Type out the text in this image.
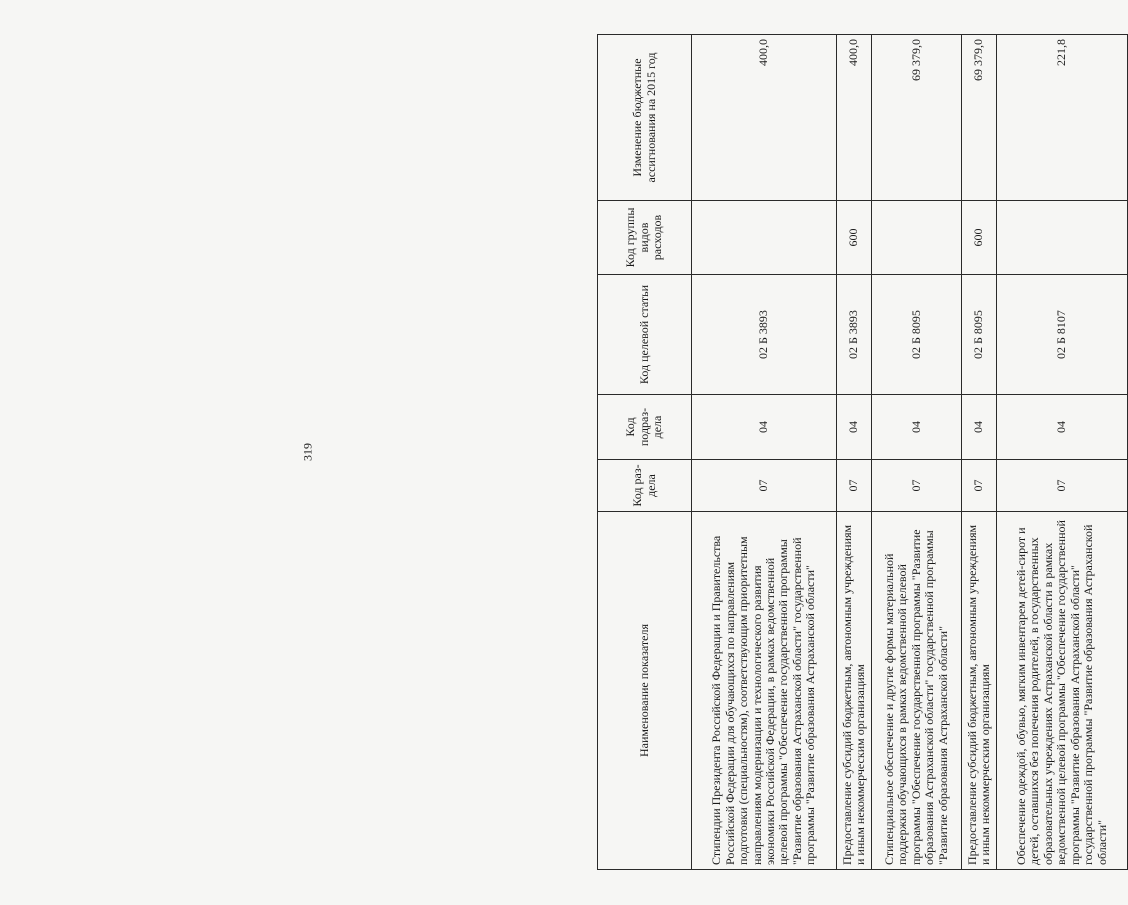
319
Наименование показателя	Код раз-дела	Код подраз-дела	Код целевой статьи	Код группы видов расходов	Изменение бюджетные ассигнования на 2015 год
Стипендии Президента Российской Федерации и Правительства Российской Федерации для обучающихся по направлениям подготовки (специальностям), соответствующим приоритетным направлениям модернизации и технологического развития экономики Российской Федерации, в рамках ведомственной целевой программы "Обеспечение государственной программы "Развитие образования Астраханской области" государственной программы "Развитие образования Астраханской области"	07	04	02 Б 3893		400,0
Предоставление субсидий бюджетным, автономным учреждениям и иным некоммерческим организациям	07	04	02 Б 3893	600	400,0
Стипендиальное обеспечение и другие формы материальной поддержки обучающихся в рамках ведомственной целевой программы "Обеспечение государственной программы "Развитие образования Астраханской области" государственной программы "Развитие образования Астраханской области"	07	04	02 Б 8095		69 379,0
Предоставление субсидий бюджетным, автономным учреждениям и иным некоммерческим организациям	07	04	02 Б 8095	600	69 379,0
Обеспечение одеждой, обувью, мягким инвентарем детей-сирот и детей, оставшихся без попечения родителей, в государственных образовательных учреждениях Астраханской области в рамках ведомственной целевой программы "Обеспечение государственной программы "Развитие образования Астраханской области" государственной программы "Развитие образования Астраханской области"	07	04	02 Б 8107		221,8
